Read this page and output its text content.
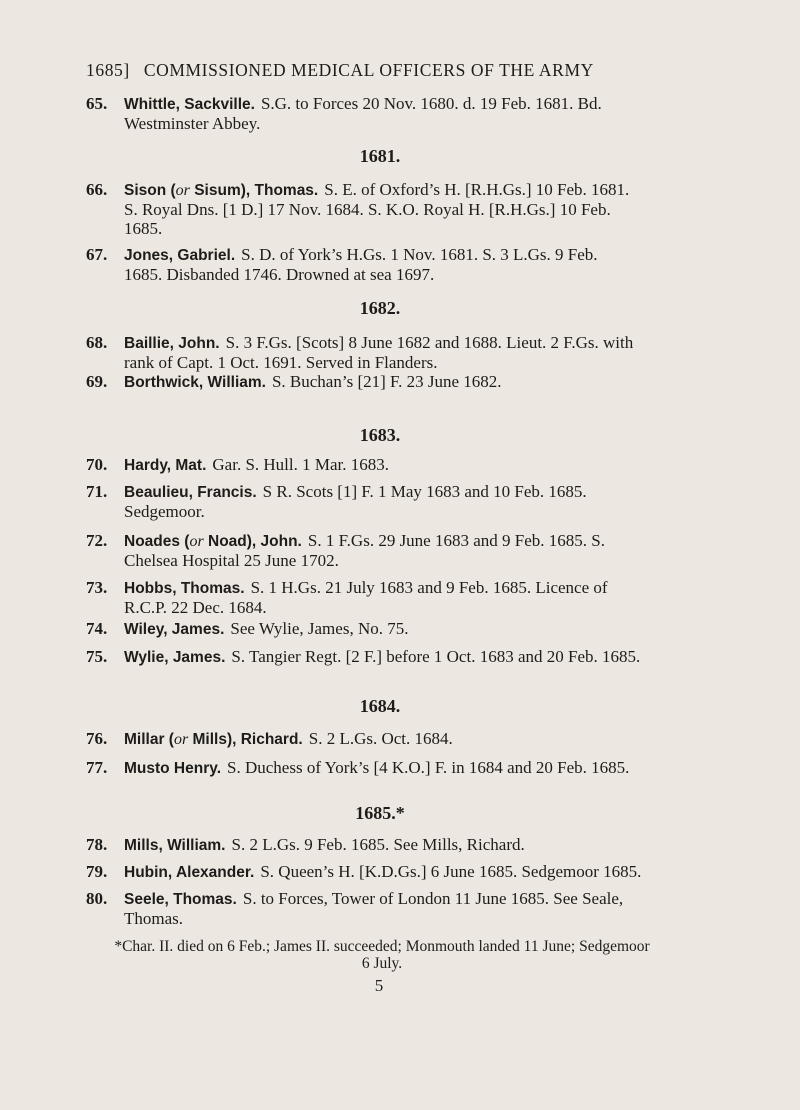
1685] COMMISSIONED MEDICAL OFFICERS OF THE ARMY
65. Whittle, Sackville. S.G. to Forces 20 Nov. 1680. d. 19 Feb. 1681. Bd.
Westminster Abbey.
1681.
66. Sison (or Sisum), Thomas. S. E. of Oxford’s H. [R.H.Gs.] 10 Feb. 1681.
S. Royal Dns. [1 D.] 17 Nov. 1684. S. K.O. Royal H. [R.H.Gs.] 10 Feb.
1685.
67. Jones, Gabriel. S. D. of York’s H.Gs. 1 Nov. 1681. S. 3 L.Gs. 9 Feb.
1685. Disbanded 1746. Drowned at sea 1697.
1682.
68. Baillie, John. S. 3 F.Gs. [Scots] 8 June 1682 and 1688. Lieut. 2 F.Gs. with
rank of Capt. 1 Oct. 1691. Served in Flanders.
69. Borthwick, William. S. Buchan’s [21] F. 23 June 1682.
1683.
70. Hardy, Mat. Gar. S. Hull. 1 Mar. 1683.
71. Beaulieu, Francis. S R. Scots [1] F. 1 May 1683 and 10 Feb. 1685.
Sedgemoor.
72. Noades (or Noad), John. S. 1 F.Gs. 29 June 1683 and 9 Feb. 1685. S.
Chelsea Hospital 25 June 1702.
73. Hobbs, Thomas. S. 1 H.Gs. 21 July 1683 and 9 Feb. 1685. Licence of
R.C.P. 22 Dec. 1684.
74. Wiley, James. See Wylie, James, No. 75.
75. Wylie, James. S. Tangier Regt. [2 F.] before 1 Oct. 1683 and 20 Feb. 1685.
1684.
76. Millar (or Mills), Richard. S. 2 L.Gs. Oct. 1684.
77. Musto Henry. S. Duchess of York’s [4 K.O.] F. in 1684 and 20 Feb. 1685.
1685.*
78. Mills, William. S. 2 L.Gs. 9 Feb. 1685. See Mills, Richard.
79. Hubin, Alexander. S. Queen’s H. [K.D.Gs.] 6 June 1685. Sedgemoor 1685.
80. Seele, Thomas. S. to Forces, Tower of London 11 June 1685. See Seale,
Thomas.
*Char. II. died on 6 Feb.; James II. succeeded; Monmouth landed 11 June; Sedgemoor
6 July.
5
